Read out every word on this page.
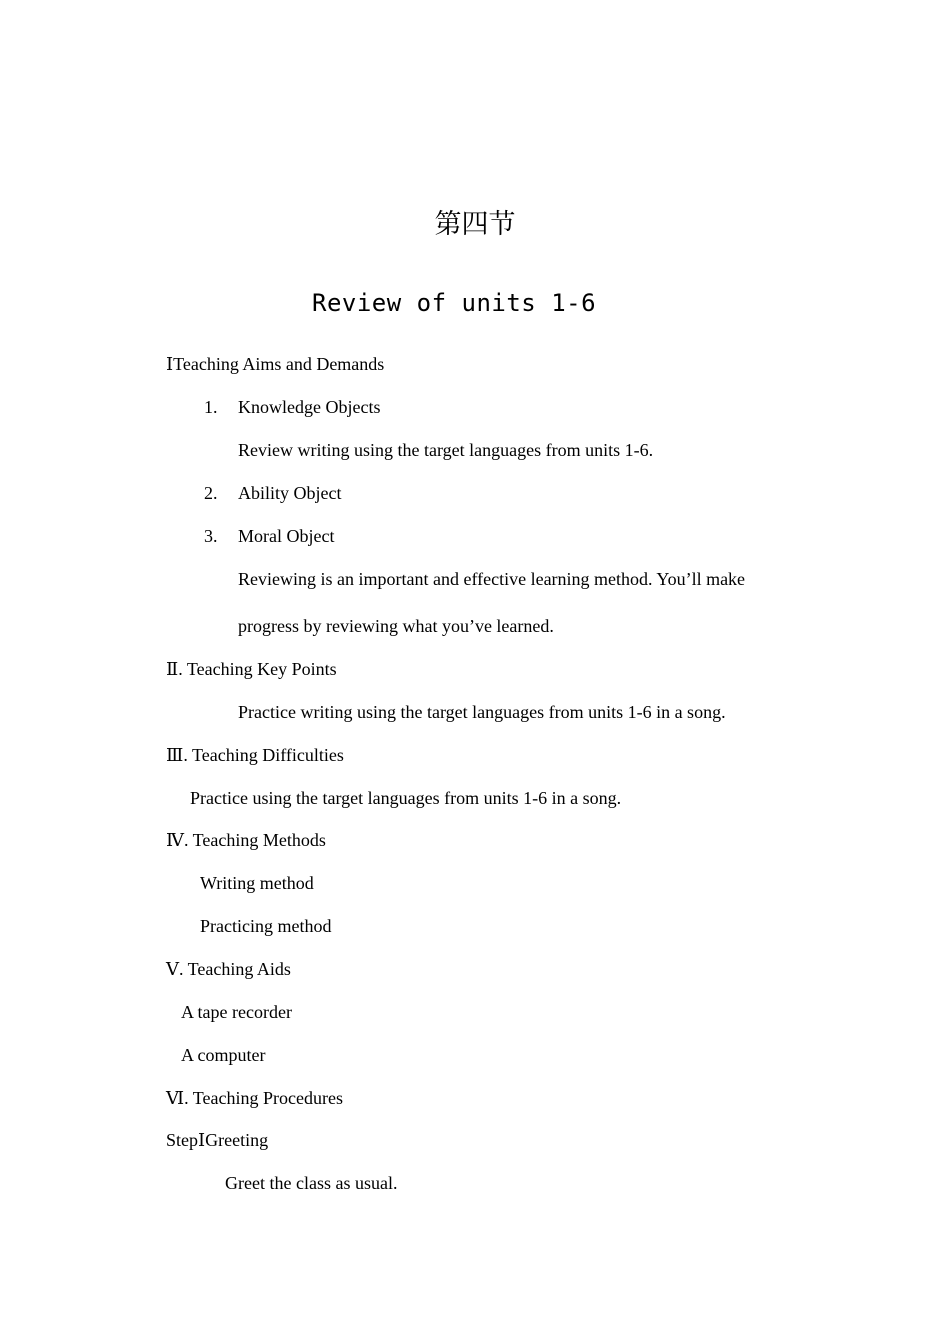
第四节
Review of units 1-6
ⅠTeaching Aims and Demands
1. Knowledge Objects
Review writing using the target languages from units 1-6.
2. Ability Object
3. Moral Object
Reviewing is an important and effective learning method. You’ll make
progress by reviewing what you’ve learned.
Ⅱ. Teaching Key Points
Practice writing using the target languages from units 1-6 in a song.
Ⅲ. Teaching Difficulties
Practice using the target languages from units 1-6 in a song.
Ⅳ. Teaching Methods
Writing method
Practicing method
Ⅴ. Teaching Aids
A tape recorder
A computer
Ⅵ. Teaching Procedures
StepⅠGreeting
Greet the class as usual.
